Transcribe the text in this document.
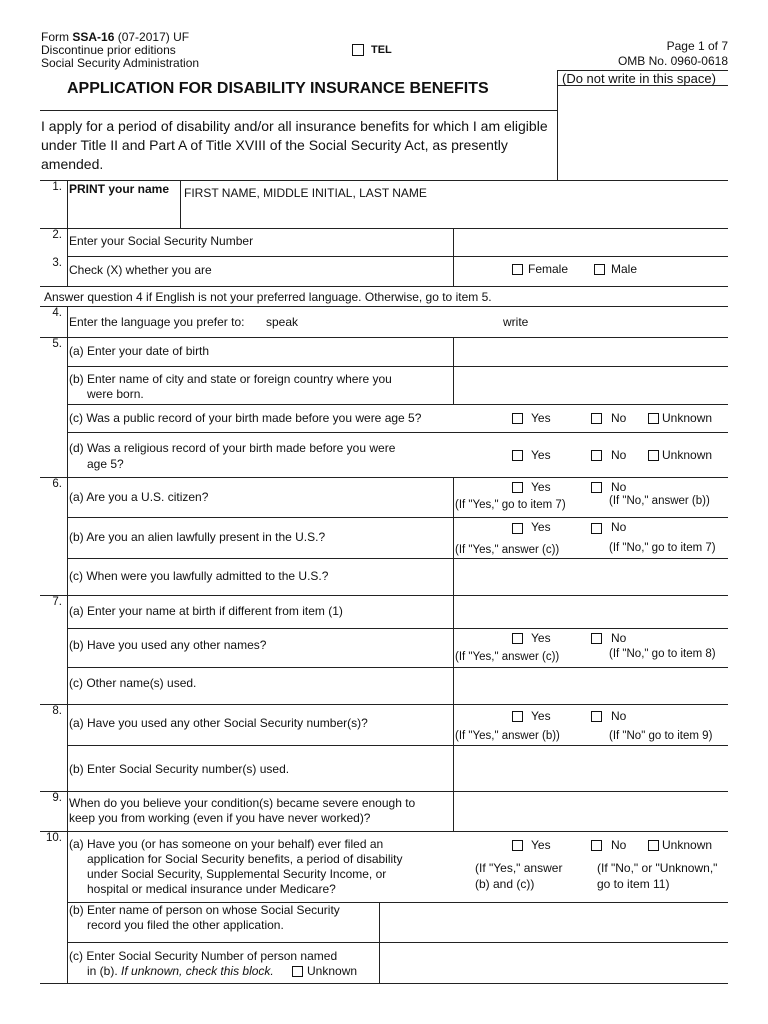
Form SSA-16 (07-2017) UF
Discontinue prior editions
Social Security Administration
TEL	Page 1 of 7
OMB No. 0960-0618
(Do not write in this space)
APPLICATION FOR DISABILITY INSURANCE BENEFITS
I apply for a period of disability and/or all insurance benefits for which I am eligible under Title II and Part A of Title XVIII of the Social Security Act, as presently amended.
1. PRINT your name FIRST NAME, MIDDLE INITIAL, LAST NAME
2. Enter your Social Security Number
3. Check (X) whether you are	Female	Male
Answer question 4 if English is not your preferred language. Otherwise, go to item 5.
4.
Enter the language you prefer to: speak	write
5. (a) Enter your date of birth
(b) Enter name of city and state or foreign country where you
were born.
(c) Was a public record of your birth made before you were age 5?	Yes	No	Unknown
(d) Was a religious record of your birth made before you were
age 5?
Yes	No	Unknown
6.
(a) Are you a U.S. citizen?
Yes	No
(If "Yes," go to item 7)	(If "No," answer (b))
(b) Are you an alien lawfully present in the U.S.?
Yes	No
(If "Yes," answer (c))	(If "No," go to item 7)
(c) When were you lawfully admitted to the U.S.?
7.
(a) Enter your name at birth if different from item (1)
(b) Have you used any other names?	Yes	No
(If "Yes," answer (c))	(If "No," go to item 8)
(c) Other name(s) used.
8.
(a) Have you used any other Social Security number(s)?	Yes	No
(If "Yes," answer (b))	(If "No" go to item 9)
(b) Enter Social Security number(s) used.
9. When do you believe your condition(s) became severe enough to
keep you from working (even if you have never worked)?
10. (a) Have you (or has someone on your behalf) ever filed an
application for Social Security benefits, a period of disability
under Social Security, Supplemental Security Income, or
hospital or medical insurance under Medicare?
Yes	No	Unknown
(If "Yes," answer
(b) and (c))
(If "No," or "Unknown,"
go to item 11)
(b) Enter name of person on whose Social Security
record you filed the other application.
(c) Enter Social Security Number of person named
in (b). If unknown, check this block.	Unknown
